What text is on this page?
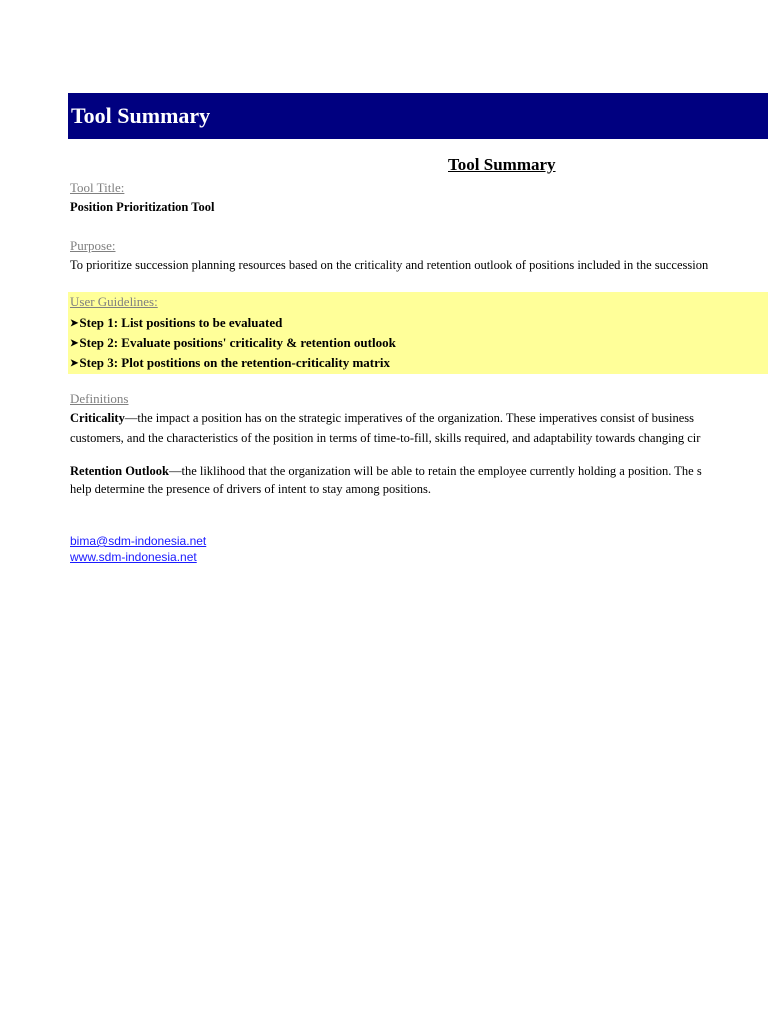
Tool Summary
Tool Summary
Tool Title:
Position Prioritization Tool
Purpose:
To prioritize succession planning resources based on the criticality and retention outlook of positions included in the succession
User Guidelines:
➤Step 1: List positions to be evaluated
➤Step 2: Evaluate positions' criticality & retention outlook
➤Step 3: Plot postitions on the retention-criticality matrix
Definitions
Criticality—the impact a position has on the strategic imperatives of the organization. These imperatives consist of business
customers, and the characteristics of the position in terms of time-to-fill, skills required, and adaptability towards changing cir
Retention Outlook—the liklihood that the organization will be able to retain the employee currently holding a position. The s
help determine the presence of drivers of intent to stay among positions.
bima@sdm-indonesia.net
www.sdm-indonesia.net
